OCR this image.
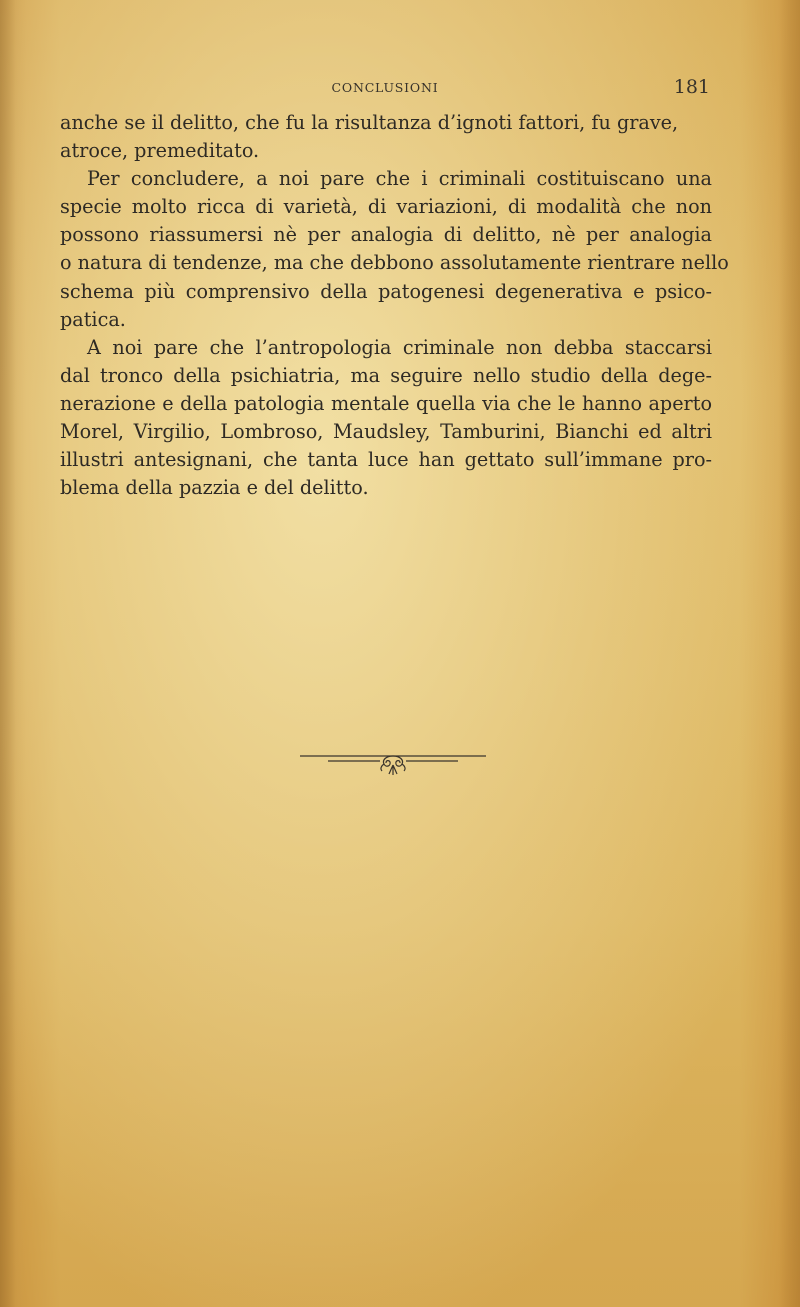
CONCLUSIONI	181
anche se il delitto, che fu la risultanza d’ignoti fattori, fu grave,
atroce, premeditato.
Per concludere, a noi pare che i criminali costituiscano una
specie molto ricca di varietà, di variazioni, di modalità che non
possono riassumersi nè per analogia di delitto, nè per analogia
o natura di tendenze, ma che debbono assolutamente rientrare nello
schema più comprensivo della patogenesi degenerativa e psico-
patica.
A noi pare che l’antropologia criminale non debba staccarsi
dal tronco della psichiatria, ma seguire nello studio della dege-
nerazione e della patologia mentale quella via che le hanno aperto
Morel, Virgilio, Lombroso, Maudsley, Tamburini, Bianchi ed altri
illustri antesignani, che tanta luce han gettato sull’immane pro-
blema della pazzia e del delitto.
